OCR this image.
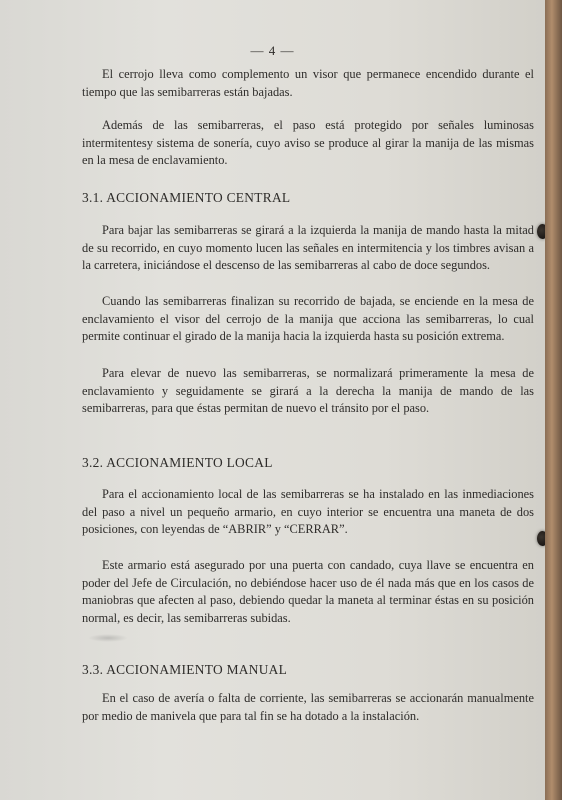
— 4 —

El cerrojo lleva como complemento un visor que permanece encendido durante el tiempo que las semibarreras están bajadas.

Además de las semibarreras, el paso está protegido por señales luminosas intermitentesy sistema de sonería, cuyo aviso se produce al girar la manija de las mismas en la mesa de enclavamiento.

3.1. ACCIONAMIENTO CENTRAL

Para bajar las semibarreras se girará a la izquierda la manija de mando hasta la mitad de su recorrido, en cuyo momento lucen las señales en intermitencia y los timbres avisan a la carretera, iniciándose el descenso de las semibarreras al cabo de doce segundos.

Cuando las semibarreras finalizan su recorrido de bajada, se enciende en la mesa de enclavamiento el visor del cerrojo de la manija que acciona las semibarreras, lo cual permite continuar el girado de la manija hacia la izquierda hasta su posición extrema.

Para elevar de nuevo las semibarreras, se normalizará primeramente la mesa de enclavamiento y seguidamente se girará a la derecha la manija de mando de las semibarreras, para que éstas permitan de nuevo el tránsito por el paso.

3.2. ACCIONAMIENTO LOCAL

Para el accionamiento local de las semibarreras se ha instalado en las inmediaciones del paso a nivel un pequeño armario, en cuyo interior se encuentra una maneta de dos posiciones, con leyendas de “ABRIR” y “CERRAR”.

Este armario está asegurado por una puerta con candado, cuya llave se encuentra en poder del Jefe de Circulación, no debiéndose hacer uso de él nada más que en los casos de maniobras que afecten al paso, debiendo quedar la maneta al terminar éstas en su posición normal, es decir, las semibarreras subidas.

3.3. ACCIONAMIENTO MANUAL

En el caso de avería o falta de corriente, las semibarreras se accionarán manualmente por medio de manivela que para tal fin se ha dotado a la instalación.
